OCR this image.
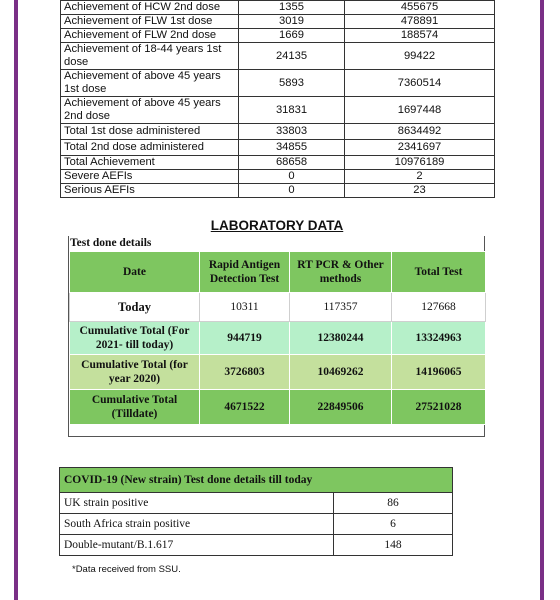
Achievement of HCW 2nd dose	1355	455675
Achievement of FLW 1st dose	3019	478891
Achievement of FLW 2nd dose	1669	188574
Achievement of 18-44 years 1st dose	24135	99422
Achievement of above 45 years 1st dose	5893	7360514
Achievement of above 45 years 2nd dose	31831	1697448
Total 1st dose administered	33803	8634492
Total 2nd dose administered	34855	2341697
Total Achievement	68658	10976189
Severe AEFIs	0	2
Serious AEFIs	0	23
LABORATORY DATA
Test done details
Date	Rapid Antigen Detection Test	RT PCR & Other methods	Total Test
Today	10311	117357	127668
Cumulative Total (For 2021- till today)	944719	12380244	13324963
Cumulative Total (for year 2020)	3726803	10469262	14196065
Cumulative Total (Tilldate)	4671522	22849506	27521028
COVID-19 (New strain) Test done details till today	
UK strain positive	86
South Africa strain positive	6
Double-mutant/B.1.617	148
*Data received from SSU.
